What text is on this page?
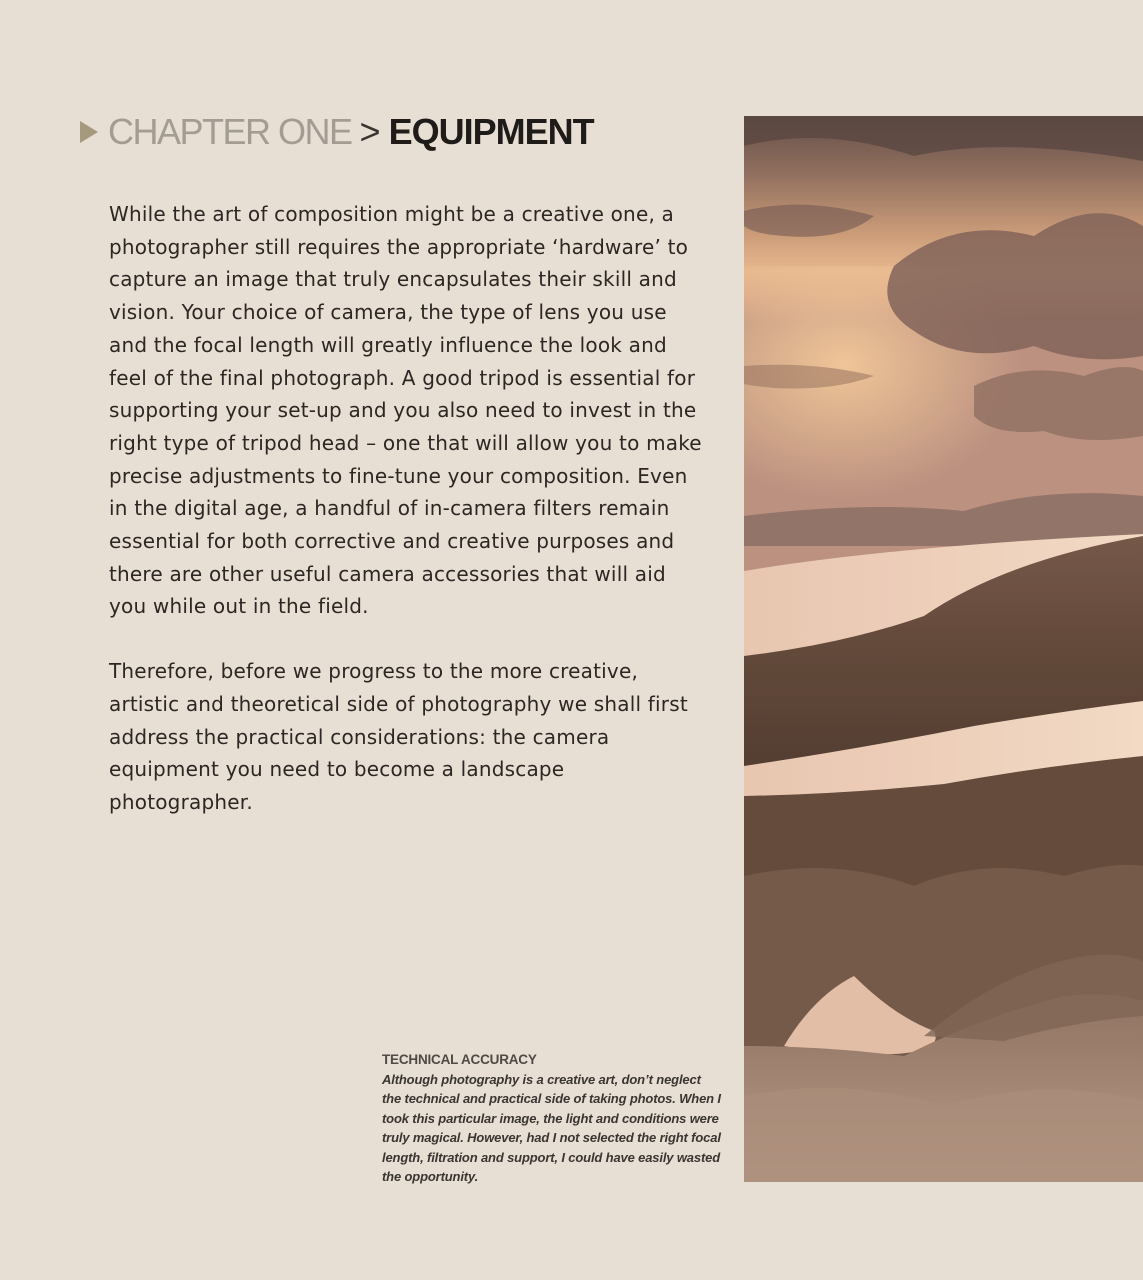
CHAPTER ONE > EQUIPMENT

While the art of composition might be a creative one, a photographer still requires the appropriate ‘hardware’ to capture an image that truly encapsulates their skill and vision. Your choice of camera, the type of lens you use and the focal length will greatly influence the look and feel of the final photograph. A good tripod is essential for supporting your set-up and you also need to invest in the right type of tripod head – one that will allow you to make precise adjustments to fine-tune your composition. Even in the digital age, a handful of in-camera filters remain essential for both corrective and creative purposes and there are other useful camera accessories that will aid you while out in the field.

Therefore, before we progress to the more creative, artistic and theoretical side of photography we shall first address the practical considerations: the camera equipment you need to become a landscape photographer.

TECHNICAL ACCURACY

Although photography is a creative art, don’t neglect the technical and practical side of taking photos. When I took this particular image, the light and conditions were truly magical. However, had I not selected the right focal length, filtration and support, I could have easily wasted the opportunity.
